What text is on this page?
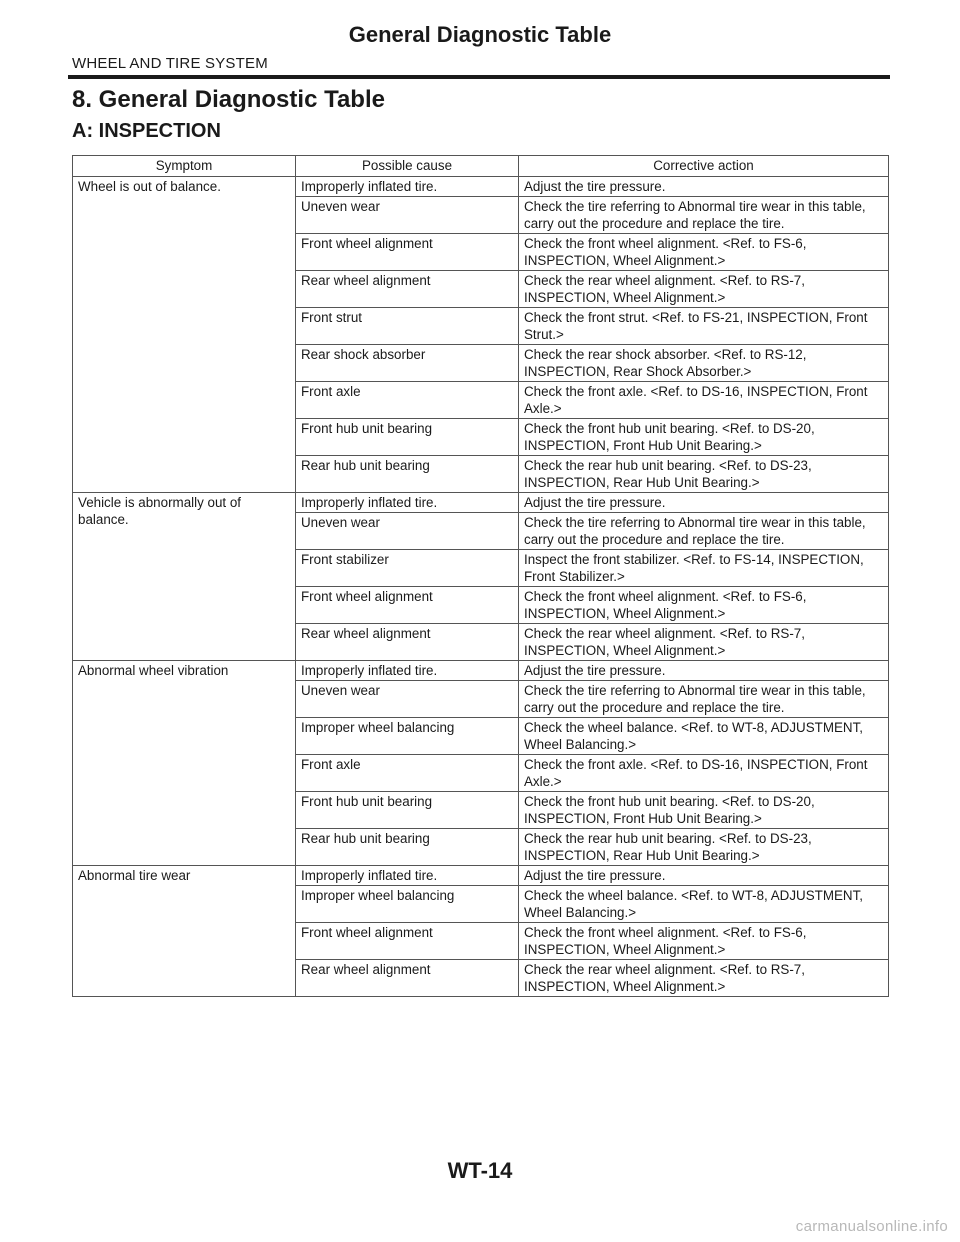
General Diagnostic Table
WHEEL AND TIRE SYSTEM
8. General Diagnostic Table
A: INSPECTION
Symptom	Possible cause	Corrective action
Wheel is out of balance.	Improperly inflated tire.	Adjust the tire pressure.
	Uneven wear	Check the tire referring to Abnormal tire wear in this table, carry out the procedure and replace the tire.
	Front wheel alignment	Check the front wheel alignment. <Ref. to FS-6, INSPECTION, Wheel Alignment.>
	Rear wheel alignment	Check the rear wheel alignment. <Ref. to RS-7, INSPECTION, Wheel Alignment.>
	Front strut	Check the front strut. <Ref. to FS-21, INSPECTION, Front Strut.>
	Rear shock absorber	Check the rear shock absorber. <Ref. to RS-12, INSPECTION, Rear Shock Absorber.>
	Front axle	Check the front axle. <Ref. to DS-16, INSPECTION, Front Axle.>
	Front hub unit bearing	Check the front hub unit bearing. <Ref. to DS-20, INSPECTION, Front Hub Unit Bearing.>
	Rear hub unit bearing	Check the rear hub unit bearing. <Ref. to DS-23, INSPECTION, Rear Hub Unit Bearing.>
Vehicle is abnormally out of balance.	Improperly inflated tire.	Adjust the tire pressure.
	Uneven wear	Check the tire referring to Abnormal tire wear in this table, carry out the procedure and replace the tire.
	Front stabilizer	Inspect the front stabilizer. <Ref. to FS-14, INSPECTION, Front Stabilizer.>
	Front wheel alignment	Check the front wheel alignment. <Ref. to FS-6, INSPECTION, Wheel Alignment.>
	Rear wheel alignment	Check the rear wheel alignment. <Ref. to RS-7, INSPECTION, Wheel Alignment.>
Abnormal wheel vibration	Improperly inflated tire.	Adjust the tire pressure.
	Uneven wear	Check the tire referring to Abnormal tire wear in this table, carry out the procedure and replace the tire.
	Improper wheel balancing	Check the wheel balance. <Ref. to WT-8, ADJUSTMENT, Wheel Balancing.>
	Front axle	Check the front axle. <Ref. to DS-16, INSPECTION, Front Axle.>
	Front hub unit bearing	Check the front hub unit bearing. <Ref. to DS-20, INSPECTION, Front Hub Unit Bearing.>
	Rear hub unit bearing	Check the rear hub unit bearing. <Ref. to DS-23, INSPECTION, Rear Hub Unit Bearing.>
Abnormal tire wear	Improperly inflated tire.	Adjust the tire pressure.
	Improper wheel balancing	Check the wheel balance. <Ref. to WT-8, ADJUSTMENT, Wheel Balancing.>
	Front wheel alignment	Check the front wheel alignment. <Ref. to FS-6, INSPECTION, Wheel Alignment.>
	Rear wheel alignment	Check the rear wheel alignment. <Ref. to RS-7, INSPECTION, Wheel Alignment.>
WT-14
carmanualsonline.info
